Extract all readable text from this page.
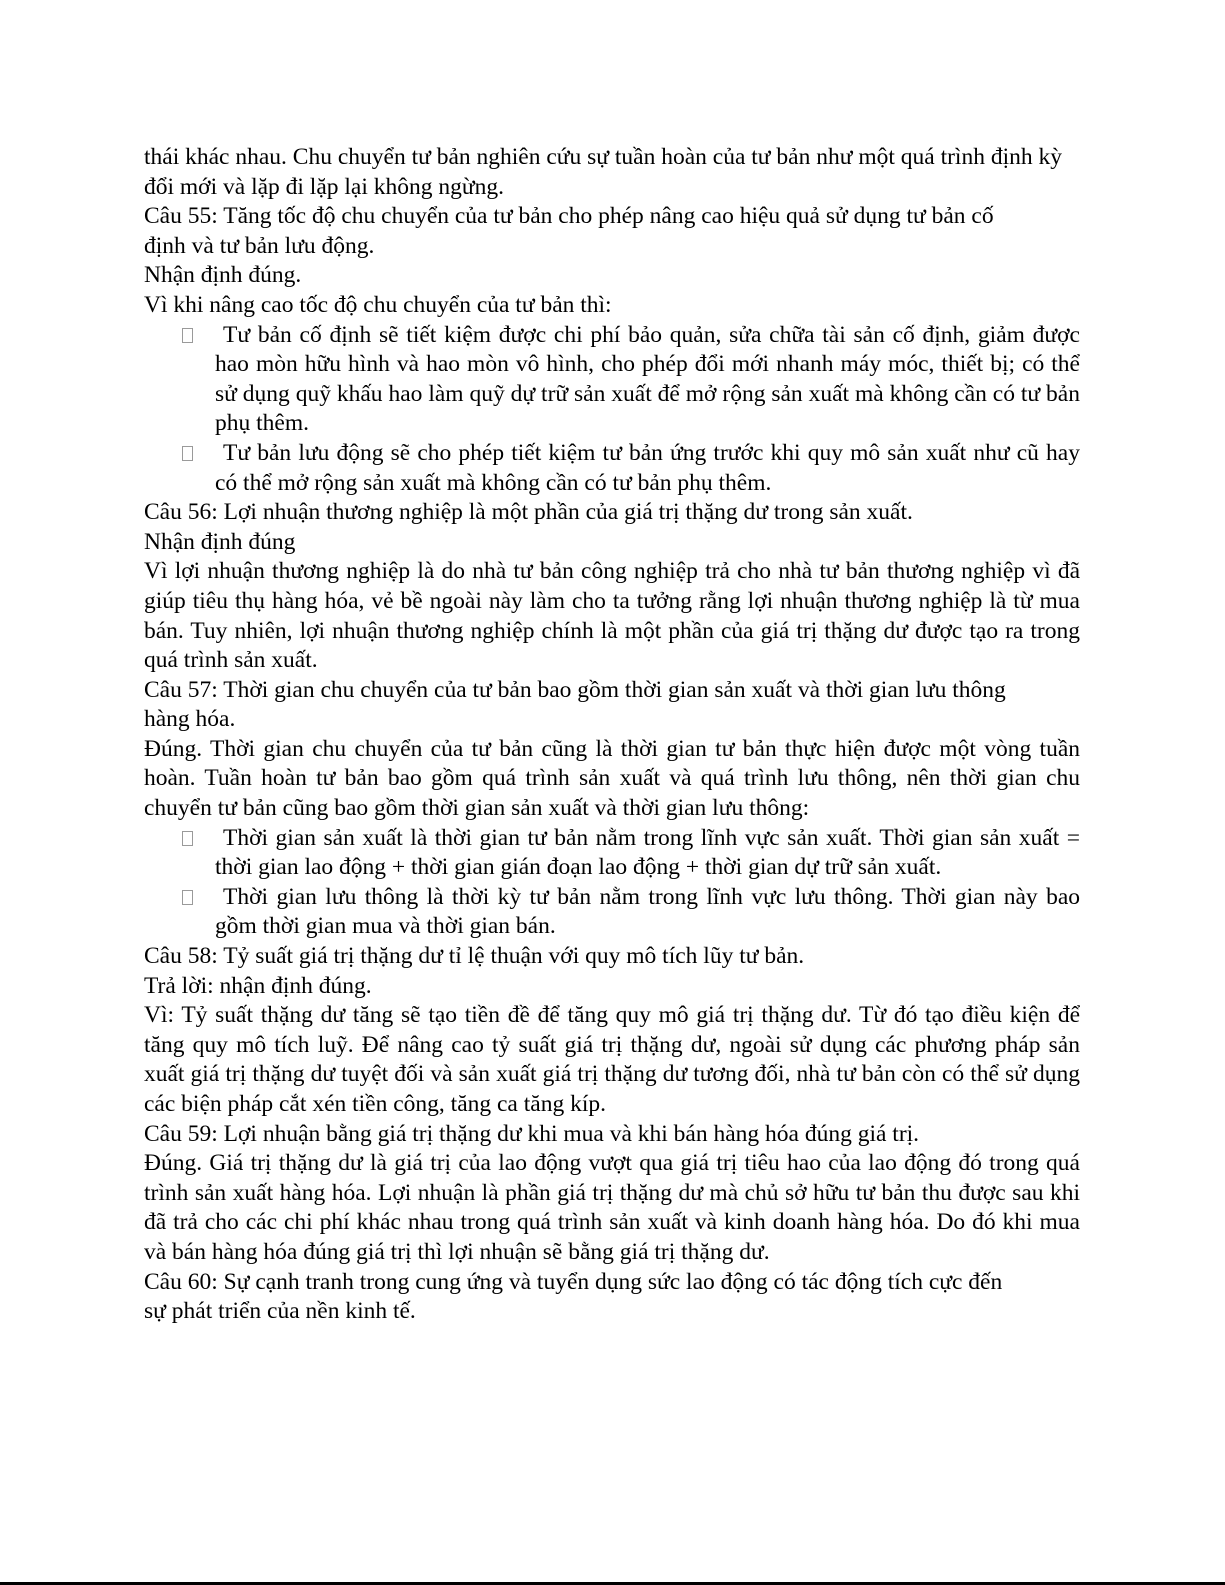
thái khác nhau. Chu chuyển tư bản nghiên cứu sự tuần hoàn của tư bản như một quá trình định kỳ đổi mới và lặp đi lặp lại không ngừng.

Câu 55: Tăng tốc độ chu chuyển của tư bản cho phép nâng cao hiệu quả sử dụng tư bản cố định và tư bản lưu động.

Nhận định đúng.

Vì khi nâng cao tốc độ chu chuyển của tư bản thì:

Tư bản cố định sẽ tiết kiệm được chi phí bảo quản, sửa chữa tài sản cố định, giảm được hao mòn hữu hình và hao mòn vô hình, cho phép đổi mới nhanh máy móc, thiết bị; có thể sử dụng quỹ khấu hao làm quỹ dự trữ sản xuất để mở rộng sản xuất mà không cần có tư bản phụ thêm.
Tư bản lưu động sẽ cho phép tiết kiệm tư bản ứng trước khi quy mô sản xuất như cũ hay có thể mở rộng sản xuất mà không cần có tư bản phụ thêm.

Câu 56: Lợi nhuận thương nghiệp là một phần của giá trị thặng dư trong sản xuất.

Nhận định đúng

Vì lợi nhuận thương nghiệp là do nhà tư bản công nghiệp trả cho nhà tư bản thương nghiệp vì đã giúp tiêu thụ hàng hóa, vẻ bề ngoài này làm cho ta tưởng rằng lợi nhuận thương nghiệp là từ mua bán. Tuy nhiên, lợi nhuận thương nghiệp chính là một phần của giá trị thặng dư được tạo ra trong quá trình sản xuất.

Câu 57: Thời gian chu chuyển của tư bản bao gồm thời gian sản xuất và thời gian lưu thông hàng hóa.

Đúng. Thời gian chu chuyển của tư bản cũng là thời gian tư bản thực hiện được một vòng tuần hoàn. Tuần hoàn tư bản bao gồm quá trình sản xuất và quá trình lưu thông, nên thời gian chu chuyển tư bản cũng bao gồm thời gian sản xuất và thời gian lưu thông:

Thời gian sản xuất là thời gian tư bản nằm trong lĩnh vực sản xuất. Thời gian sản xuất = thời gian lao động + thời gian gián đoạn lao động + thời gian dự trữ sản xuất.
Thời gian lưu thông là thời kỳ tư bản nằm trong lĩnh vực lưu thông. Thời gian này bao gồm thời gian mua và thời gian bán.

Câu 58: Tỷ suất giá trị thặng dư tỉ lệ thuận với quy mô tích lũy tư bản.

Trả lời: nhận định đúng.

Vì: Tỷ suất thặng dư tăng sẽ tạo tiền đề để tăng quy mô giá trị thặng dư. Từ đó tạo điều kiện để tăng quy mô tích luỹ. Để nâng cao tỷ suất giá trị thặng dư, ngoài sử dụng các phương pháp sản xuất giá trị thặng dư tuyệt đối và sản xuất giá trị thặng dư tương đối, nhà tư bản còn có thể sử dụng các biện pháp cắt xén tiền công, tăng ca tăng kíp.

Câu 59: Lợi nhuận bằng giá trị thặng dư khi mua và khi bán hàng hóa đúng giá trị.

Đúng. Giá trị thặng dư là giá trị của lao động vượt qua giá trị tiêu hao của lao động đó trong quá trình sản xuất hàng hóa. Lợi nhuận là phần giá trị thặng dư mà chủ sở hữu tư bản thu được sau khi đã trả cho các chi phí khác nhau trong quá trình sản xuất và kinh doanh hàng hóa. Do đó khi mua và bán hàng hóa đúng giá trị thì lợi nhuận sẽ bằng giá trị thặng dư.

Câu 60: Sự cạnh tranh trong cung ứng và tuyển dụng sức lao động có tác động tích cực đến sự phát triển của nền kinh tế.
